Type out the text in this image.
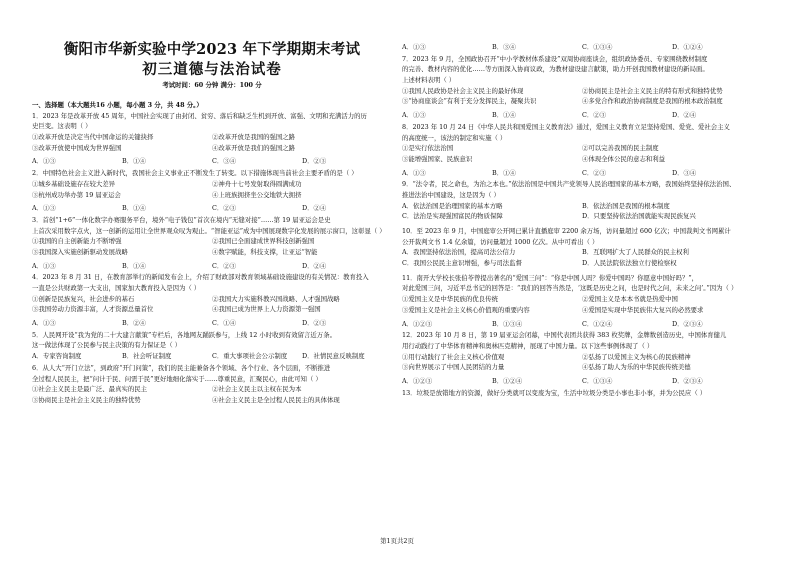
衡阳市华新实验中学2023 年下学期期末考试
初三道德与法治试卷
考试时间：60 分钟 满分：100 分
一、选择题（本大题共16 小题，每小题 3 分，共 48 分。）

1．2023 年是改革开放 45 周年，中国社会实现了由封闭、贫穷、落后和缺乏生机到开放、富强、文明和充满活力的历

史巨变。这表明（ ）

①改革开放是决定当代中国命运的关键抉择	②改革开放是我国的强国之路
③改革开放使中国成为世界强国	④改革开放是我们的强国之路
A．①③	B．①④	C．③④	D．②③

2．中国特色社会主义进入新时代，我国社会主义事业正不断发生了转变。以下措施体现当前社会主要矛盾的是（ ）

①城乡基础设施存在较大差异	②神舟十七号发射取得圆满成功
③杭州成功举办第 19 届亚运会	④上班族拥挤坐公交地铁大拥挤
A．①③	B．①④	C．②③	D．②④

3．首创“1+6”一体化数字办赛服务平台，境外“电子钱包”首次在境内“无缝对接”……第 19 届亚运会是史

上首次采用数字点火，这一创新的运用让全世界观众叹为观止。“智能亚运”成为中国展现数字化发展的展示窗口，这彰显（ ）

①我国的自主创新能力不断增强	②我国已全面建成世界科技创新强国
③我国深入实施创新驱动发展战略	④数字赋能，科技支撑，让亚运“智能
A．①③	B．①④	C．②③	D．②④

4．2023 年 8 月 31 日，在教育部举行的新闻发布会上，介绍了财政部对教育领域基础设施建设的有关情况：教育投入

一直是公共财政第一大支出，国家加大教育投入是因为（ ）

①创新是民族复兴，社会进步的基石	②我国大力实施科教兴国战略、人才强国战略
③我国劳动力资源丰富，人才资源总量首位	④我国已成为世界上人力资源第一强国
A．①③	B．②④	C．①④	D．②③

5．人民网开设“我为党的二十大建言献策”专栏后，各地网友踊跃参与，上线 12 小时收到有效留言近万条。

这一做法体现了公民参与民主决策的有力保证是（ ）

A．专家咨询制度	B．社会听证制度	C．重大事项社会公示制度	D．社情民意反映制度

6．从人大“开门立法”，到政府“开门问策”，我们的民主能兼备各个领域、各个行业、各个层面，不断推进

全过程人民民主，把“问计于民、问需于民”更好地细化落实于……尊重民意，汇聚民心，由此可知（ ）

①社会主义民主是最广泛、最真实的民主	②社会主义民主以主权在民为本
③协商民主是社会主义民主的独特优势	④社会主义民主是全过程人民民主的具体体现
A．①③	B．③④	C．①③④	D．①②④

7．2023 年 9 月，全国政协召开“中小学教材体系建设”双周协商座谈会，组织政协委员、专家围绕教材制度

的完善、教材内容的优化……等方面深入协商议政，为教材建设建言献策，助力开创我国教材建设的新局面。

上述材料表明（ ）

①我国人民政协是社会主义民主的最好体现	②协商民主是社会主义民主的特有形式和独特优势
③“协商座谈会”有利于充分发挥民主，凝聚共识	④多党合作和政治协商制度是我国的根本政治制度
A．①③	B．①④	C．②③	D．②④

8．2023 年 10 月 24 日《中华人民共和国爱国主义教育法》通过，爱国主义教育立足坚持爱国、爱党、爱社会主义

的高度统一，该法的制定和实施（ ）

①是实行依法治国	②可以完善我国的民主制度
③能增强国家、民族意识	④体现全体公民的意志和利益
A．①③	B．①④	C．②③	D．③④

9．“法令者，民之命也，为治之本也。”依法治国是中国共产党领导人民治理国家的基本方略，我国始终坚持依法治国、

推进法治中国建设，这是因为（ ）

A．依法治国是治理国家的基本方略	B．依法治国是我国的根本制度
C．法治是实现强国富民的物质保障	D．只要坚持依法治国就能实现民族复兴

10．至 2023 年 9 月，中国庭审公开网已累计直播庭审 2200 余万场，访问量超过 600 亿次；中国裁判文书网累计

公开裁判文书 1.4 亿余篇，访问量超过 1000 亿次。从中可看出（ ）

A．我国坚持依法治国，提高司法公信力	B．互联网扩大了人民群众的民主权利
C．我国公民民主意识增强，参与司法监督	D．人民法院依法独立行使检察权

11．南开大学校长张伯苓曾提出著名的“爱国三问”：“你是中国人吗？你爱中国吗？你愿意中国好吗？”，

对此爱国三问，习近平总书记的回答是：“我们的回答当然是，‘这既是历史之问，也是时代之问，未来之问’。”因为（ ）

①爱国主义是中华民族的优良传统	②爱国主义是本本书就是热爱中国
③爱国主义是社会主义核心价值观的重要内容	④爱国是实现中华民族伟大复兴的必然要求
A．①②③	B．①③④	C．①②④	D．②③④

12．2023 年 10 月 8 日，第 19 届亚运会闭幕，中国代表团共获得 383 枚奖牌，金牌数创造历史，中国体育健儿

用行动践行了中华体育精神和奥林匹克精神，展现了中国力量。以下这些事例体现了（ ）

①用行动践行了社会主义核心价值观	②弘扬了以爱国主义为核心的民族精神
③向世界展示了中国人民团结的力量	④弘扬了助人为乐的中华民族传统美德
A．①②③	B．①②④	C．①③④	D．②③④

13．垃圾是放错地方的资源，做好分类就可以变废为宝，生活中垃圾分类是小事也非小事，并为公民应（ ）

第1页共2页
